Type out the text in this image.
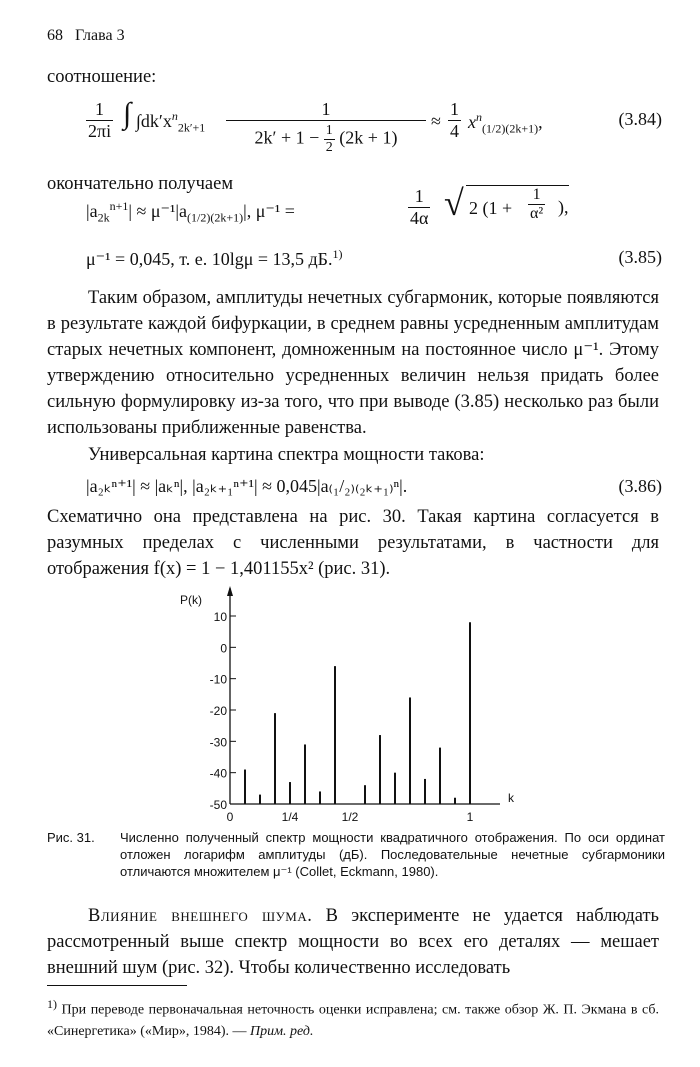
68 Глава 3
соотношение:
$\frac{1}{2\pi i}$ ∫ $\int dk'x^n_{2k'+1}$
1
$2k' + 1 - \frac{1}{2} (2k + 1)$
≈ $\frac{1}{4} x^n_{(1/2)(2k+1)}$,	(3.84)
окончательно получаем
$|a_{2k}^{n+1}| \approx \mu^{-1}|a_{(1/2)(2k+1)}|$, μ⁻¹ =	$\frac{1}{4\alpha}$ √ 2 ($1 + \frac{1}{\text{α²}}$ ),
μ⁻¹ = 0,045, т. е. 10lgμ = 13,5 дБ.$^{1)}$	(3.85)
Таким образом, амплитуды нечетных субгармоник, которые появляются в результате каждой бифуркации, в среднем равны усредненным амплитудам старых нечетных компонент, домноженным на постоянное число μ⁻¹. Этому утверждению относительно усредненных величин нельзя придать более сильную формулировку из-за того, что при выводе (3.85) несколько раз были использованы приближенные равенства.
Универсальная картина спектра мощности такова:
|a₂ₖⁿ⁺¹| ≈ |aₖⁿ|, |a₂ₖ₊₁ⁿ⁺¹| ≈ 0,045|a₍₁/₂₎₍₂ₖ₊₁₎ⁿ|.	(3.86)
Схематично она представлена на рис. 30. Такая картина согласуется в разумных пределах с численными результатами, в частности для отображения f(x) = 1 − 1,401155x² (рис. 31).
10
0
-10
-20
-30
-40
-50
P(k)
0	1/4	1/2	1
k
Рис. 31. Численно полученный спектр мощности квадратичного отображения. По оси ординат отложен логарифм амплитуды (дБ). Последовательные нечетные субгармоники отличаются множителем μ⁻¹ (Collet, Eckmann, 1980).
Влияние внешнего шума. В эксперименте не удается наблюдать рассмотренный выше спектр мощности во всех его деталях — мешает внешний шум (рис. 32). Чтобы количественно исследовать
$^{1)}$ При переводе первоначальная неточность оценки исправлена; см. также обзор Ж. П. Экмана в сб. «Синергетика» («Мир», 1984). — Прим. ред.
